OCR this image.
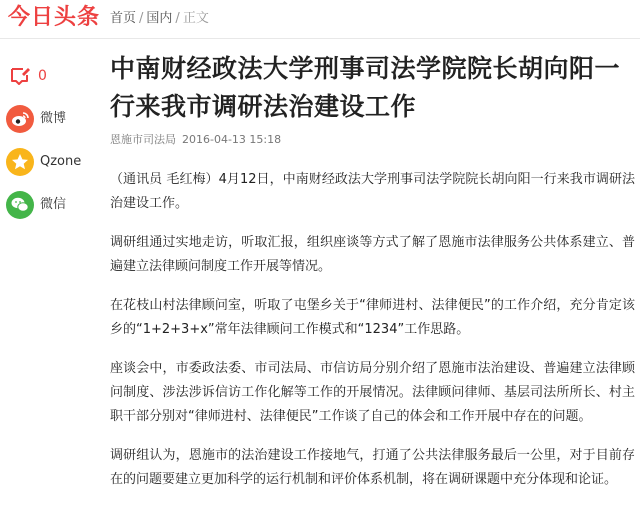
今日头条 首页 / 国内 / 正文
0
微博
Qzone
微信
中南财经政法大学刑事司法学院院长胡向阳一行来我市调研法治建设工作
恩施市司法局 2016-04-13 15:18

（通讯员 毛红梅）4月12日，中南财经政法大学刑事司法学院院长胡向阳一行来我市调研法治建设工作。

调研组通过实地走访，听取汇报，组织座谈等方式了解了恩施市法律服务公共体系建立、普遍建立法律顾问制度工作开展等情况。

在花枝山村法律顾问室，听取了屯堡乡关于“律师进村、法律便民”的工作介绍，充分肯定该乡的“1+2+3+x”常年法律顾问工作模式和“1234”工作思路。

座谈会中，市委政法委、市司法局、市信访局分别介绍了恩施市法治建设、普遍建立法律顾问制度、涉法涉诉信访工作化解等工作的开展情况。法律顾问律师、基层司法所所长、村主职干部分别对“律师进村、法律便民”工作谈了自己的体会和工作开展中存在的问题。

调研组认为，恩施市的法治建设工作接地气，打通了公共法律服务最后一公里，对于目前存在的问题要建立更加科学的运行机制和评价体系机制，将在调研课题中充分体现和论证。
